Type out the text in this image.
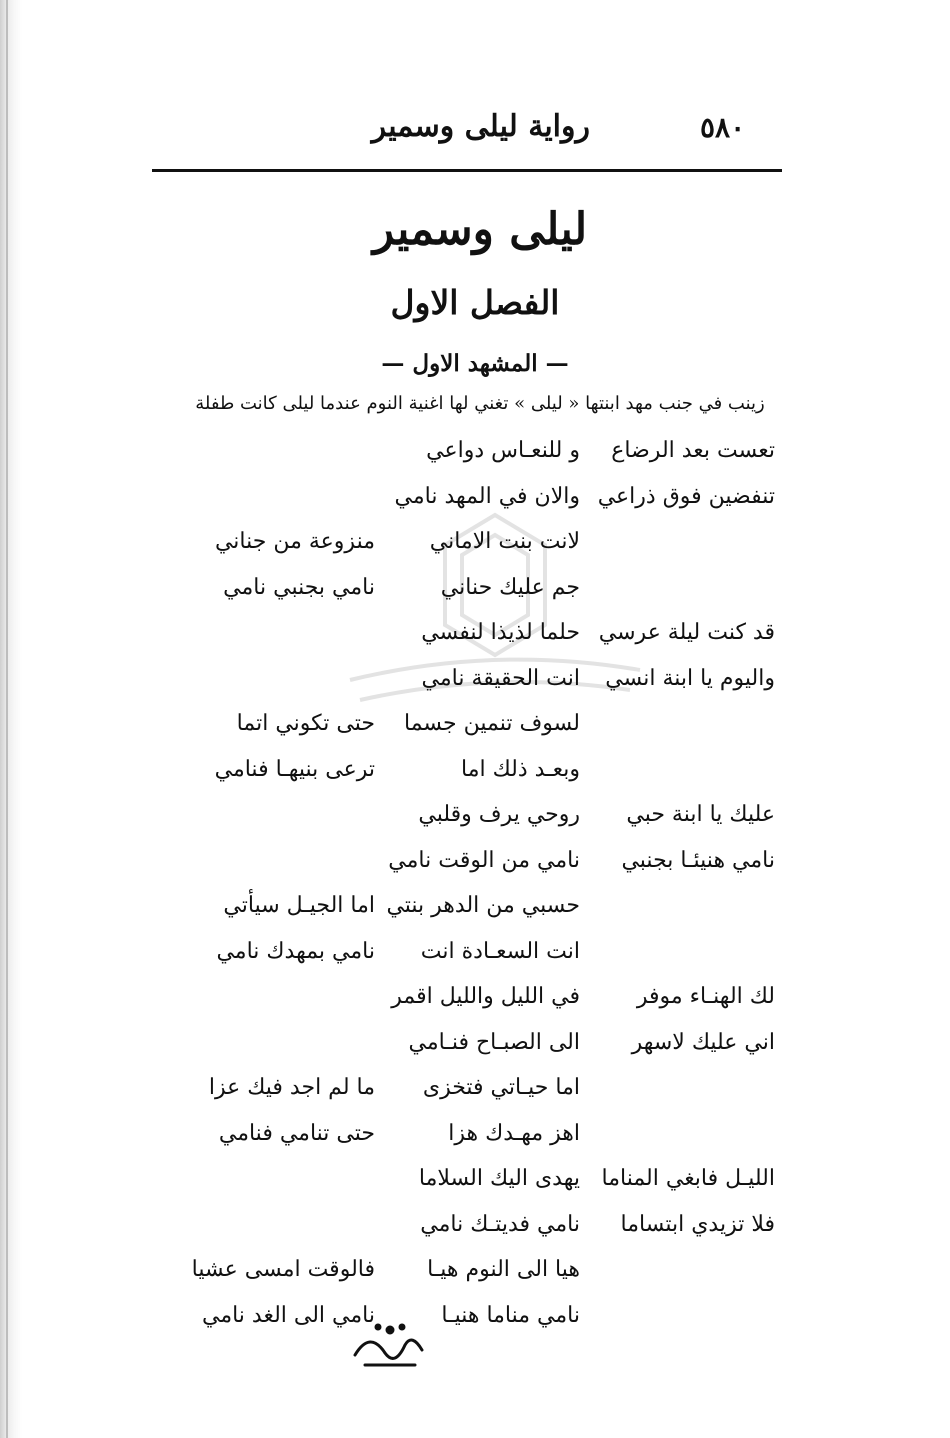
٥٨٠
رواية ليلى وسمير
ليلى وسمير
الفصل الاول
— المشهد الاول —
زينب في جنب مهد ابنتها « ليلى » تغني لها اغنية النوم عندما ليلى كانت طفلة
تعست بعد الرضاع
و للنعـاس دواعي
تنفضين فوق ذراعي
والان في المهد نامي
لانت بنت الاماني
منزوعة من جناني
جم عليك حناني
نامي بجنبي نامي
قد كنت ليلة عرسي
حلما لذيذا لنفسي
واليوم يا ابنة انسي
انت الحقيقة نامي
لسوف تنمين جسما
حتى تكوني اتما
وبعـد ذلك اما
ترعى بنيهـا فنامي
عليك يا ابنة حبي
روحي يرف وقلبي
نامي هنيئـا بجنبي
نامي من الوقت نامي
حسبي من الدهر بنتي
اما الجيـل سيأتي
انت السعـادة انت
نامي بمهدك نامي
لك الهنـاء موفر
في الليل والليل اقمر
اني عليك لاسهر
الى الصبـاح فنـامي
اما حيـاتي فتخزى
ما لم اجد فيك عزا
اهز مهـدك هزا
حتى تنامي فنامي
الليـل فابغي المناما
يهدى اليك السلاما
فلا تزيدي ابتساما
نامي فديتـك نامي
هيا الى النوم هيـا
فالوقت امسى عشيا
نامي مناما هنيـا
نامي الى الغد نامي
